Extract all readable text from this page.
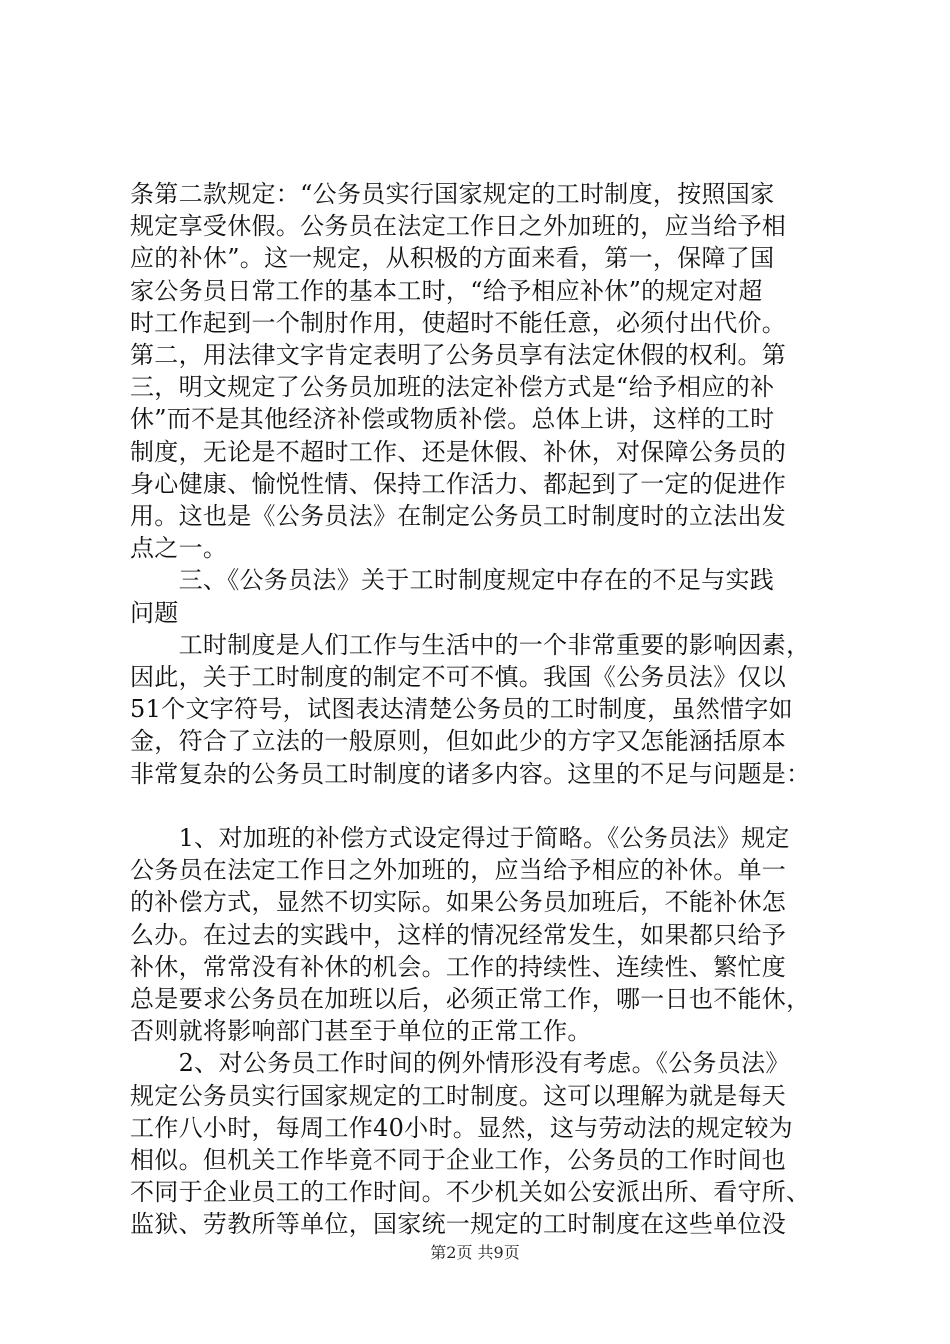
条第二款规定：“公务员实行国家规定的工时制度，按照国家
规定享受休假。公务员在法定工作日之外加班的，应当给予相
应的补休”。这一规定，从积极的方面来看，第一，保障了国
家公务员日常工作的基本工时，“给予相应补休”的规定对超
时工作起到一个制肘作用，使超时不能任意，必须付出代价。
第二，用法律文字肯定表明了公务员享有法定休假的权利。第
三，明文规定了公务员加班的法定补偿方式是“给予相应的补
休”而不是其他经济补偿或物质补偿。总体上讲，这样的工时
制度，无论是不超时工作、还是休假、补休，对保障公务员的
身心健康、愉悦性情、保持工作活力、都起到了一定的促进作
用。这也是《公务员法》在制定公务员工时制度时的立法出发
点之一。
　　三、《公务员法》关于工时制度规定中存在的不足与实践
问题
　　工时制度是人们工作与生活中的一个非常重要的影响因素，
因此，关于工时制度的制定不可不慎。我国《公务员法》仅以
51个文字符号，试图表达清楚公务员的工时制度，虽然惜字如
金，符合了立法的一般原则，但如此少的方字又怎能涵括原本
非常复杂的公务员工时制度的诸多内容。这里的不足与问题是：
　　1、对加班的补偿方式设定得过于简略。《公务员法》规定
公务员在法定工作日之外加班的，应当给予相应的补休。单一
的补偿方式，显然不切实际。如果公务员加班后，不能补休怎
么办。在过去的实践中，这样的情况经常发生，如果都只给予
补休，常常没有补休的机会。工作的持续性、连续性、繁忙度
总是要求公务员在加班以后，必须正常工作，哪一日也不能休，
否则就将影响部门甚至于单位的正常工作。
　　2、对公务员工作时间的例外情形没有考虑。《公务员法》
规定公务员实行国家规定的工时制度。这可以理解为就是每天
工作八小时，每周工作40小时。显然，这与劳动法的规定较为
相似。但机关工作毕竟不同于企业工作，公务员的工作时间也
不同于企业员工的工作时间。不少机关如公安派出所、看守所、
监狱、劳教所等单位，国家统一规定的工时制度在这些单位没
第2页 共9页
